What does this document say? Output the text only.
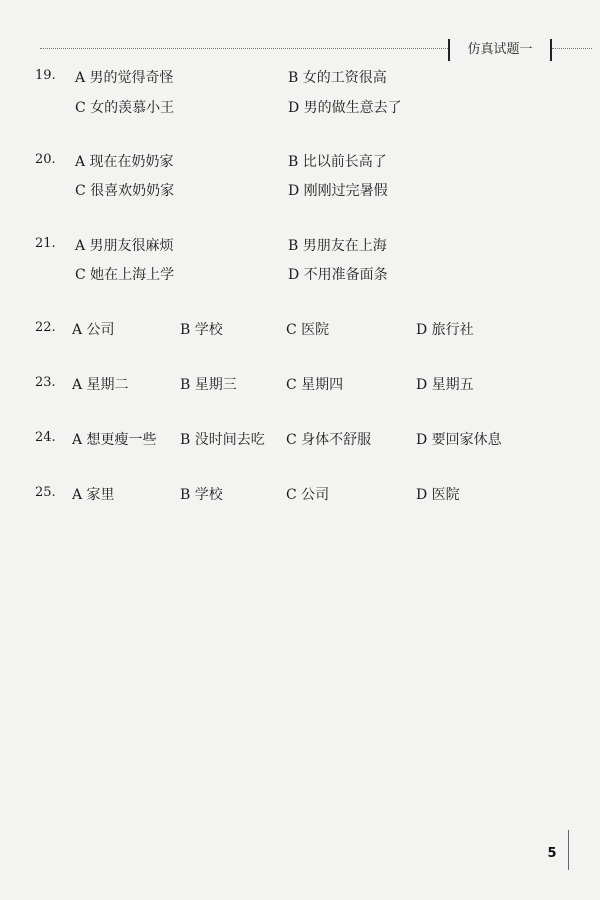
仿真试题一
19.	A 男的觉得奇怪	B 女的工资很高
C 女的羡慕小王	D 男的做生意去了
20.	A 现在在奶奶家	B 比以前长高了
C 很喜欢奶奶家	D 刚刚过完暑假
21.	A 男朋友很麻烦	B 男朋友在上海
C 她在上海上学	D 不用准备面条
22.	A 公司	B 学校	C 医院	D 旅行社
23.	A 星期二	B 星期三	C 星期四	D 星期五
24.	A 想更瘦一些 B 没时间去吃 C 身体不舒服	D 要回家休息
25.	A 家里	B 学校	C 公司	D 医院
5
